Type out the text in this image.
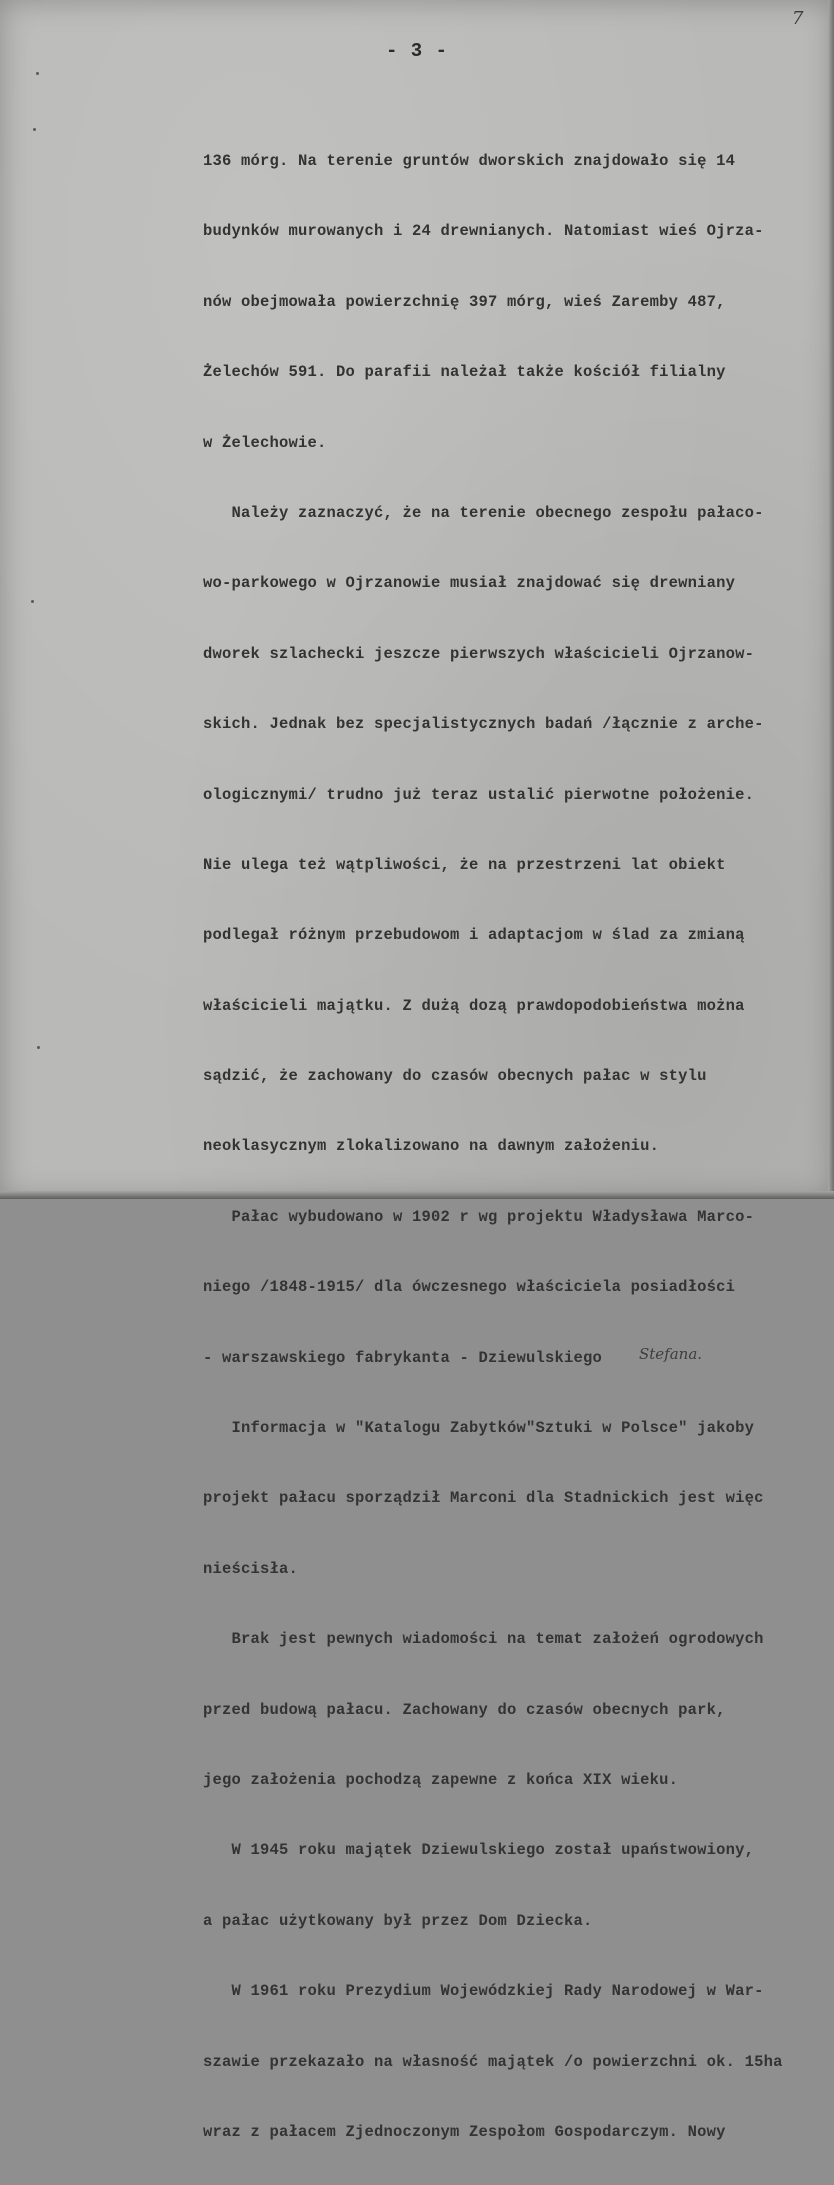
7
- 3 -

136 mórg. Na terenie gruntów dworskich znajdowało się 14

budynków murowanych i 24 drewnianych. Natomiast wieś Ojrza-

nów obejmowała powierzchnię 397 mórg, wieś Zaremby 487,

Żelechów 591. Do parafii należał także kościół filialny

w Żelechowie.

Należy zaznaczyć, że na terenie obecnego zespołu pałaco-

wo-parkowego w Ojrzanowie musiał znajdować się drewniany

dworek szlachecki jeszcze pierwszych właścicieli Ojrzanow-

skich. Jednak bez specjalistycznych badań /łącznie z arche-

ologicznymi/ trudno już teraz ustalić pierwotne położenie.

Nie ulega też wątpliwości, że na przestrzeni lat obiekt

podlegał różnym przebudowom i adaptacjom w ślad za zmianą

właścicieli majątku. Z dużą dozą prawdopodobieństwa można

sądzić, że zachowany do czasów obecnych pałac w stylu

neoklasycznym zlokalizowano na dawnym założeniu.

Pałac wybudowano w 1902 r wg projektu Władysława Marco-

niego /1848-1915/ dla ówczesnego właściciela posiadłości

- warszawskiego fabrykanta - Dziewulskiego Stefana.

Informacja w "Katalogu Zabytków"Sztuki w Polsce" jakoby

projekt pałacu sporządził Marconi dla Stadnickich jest więc

nieścisła.

Brak jest pewnych wiadomości na temat założeń ogrodowych

przed budową pałacu. Zachowany do czasów obecnych park,

jego założenia pochodzą zapewne z końca XIX wieku.

W 1945 roku majątek Dziewulskiego został upaństwowiony,

a pałac użytkowany był przez Dom Dziecka.

W 1961 roku Prezydium Wojewódzkiej Rady Narodowej w War-

szawie przekazało na własność majątek /o powierzchni ok. 15ha

wraz z pałacem Zjednoczonym Zespołom Gospodarczym. Nowy
